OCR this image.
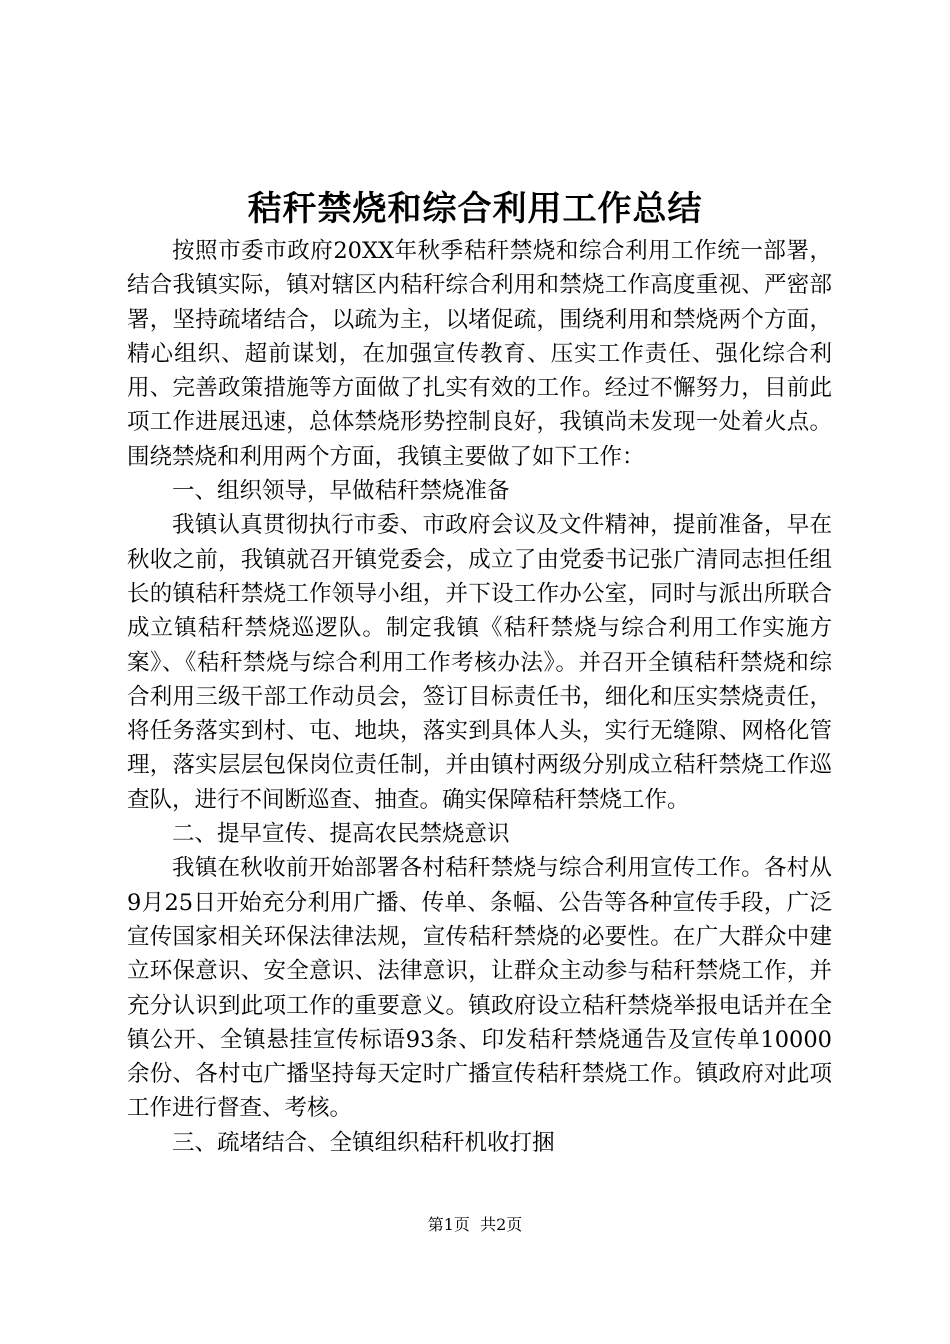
秸秆禁烧和综合利用工作总结

按照市委市政府20XX年秋季秸秆禁烧和综合利用工作统一部署，结合我镇实际，镇对辖区内秸秆综合利用和禁烧工作高度重视、严密部署，坚持疏堵结合，以疏为主，以堵促疏，围绕利用和禁烧两个方面，精心组织、超前谋划，在加强宣传教育、压实工作责任、强化综合利用、完善政策措施等方面做了扎实有效的工作。经过不懈努力，目前此项工作进展迅速，总体禁烧形势控制良好，我镇尚未发现一处着火点。围绕禁烧和利用两个方面，我镇主要做了如下工作：

一、组织领导，早做秸秆禁烧准备

我镇认真贯彻执行市委、市政府会议及文件精神，提前准备，早在秋收之前，我镇就召开镇党委会，成立了由党委书记张广清同志担任组长的镇秸秆禁烧工作领导小组，并下设工作办公室，同时与派出所联合成立镇秸秆禁烧巡逻队。制定我镇《秸秆禁烧与综合利用工作实施方案》、《秸秆禁烧与综合利用工作考核办法》。并召开全镇秸秆禁烧和综合利用三级干部工作动员会，签订目标责任书，细化和压实禁烧责任，将任务落实到村、屯、地块，落实到具体人头，实行无缝隙、网格化管理，落实层层包保岗位责任制，并由镇村两级分别成立秸秆禁烧工作巡查队，进行不间断巡查、抽查。确实保障秸秆禁烧工作。

二、提早宣传、提高农民禁烧意识

我镇在秋收前开始部署各村秸秆禁烧与综合利用宣传工作。各村从9月25日开始充分利用广播、传单、条幅、公告等各种宣传手段，广泛宣传国家相关环保法律法规，宣传秸秆禁烧的必要性。在广大群众中建立环保意识、安全意识、法律意识，让群众主动参与秸秆禁烧工作，并充分认识到此项工作的重要意义。镇政府设立秸秆禁烧举报电话并在全镇公开、全镇悬挂宣传标语93条、印发秸秆禁烧通告及宣传单10000余份、各村屯广播坚持每天定时广播宣传秸秆禁烧工作。镇政府对此项工作进行督查、考核。

三、疏堵结合、全镇组织秸秆机收打捆

第1页  共2页
